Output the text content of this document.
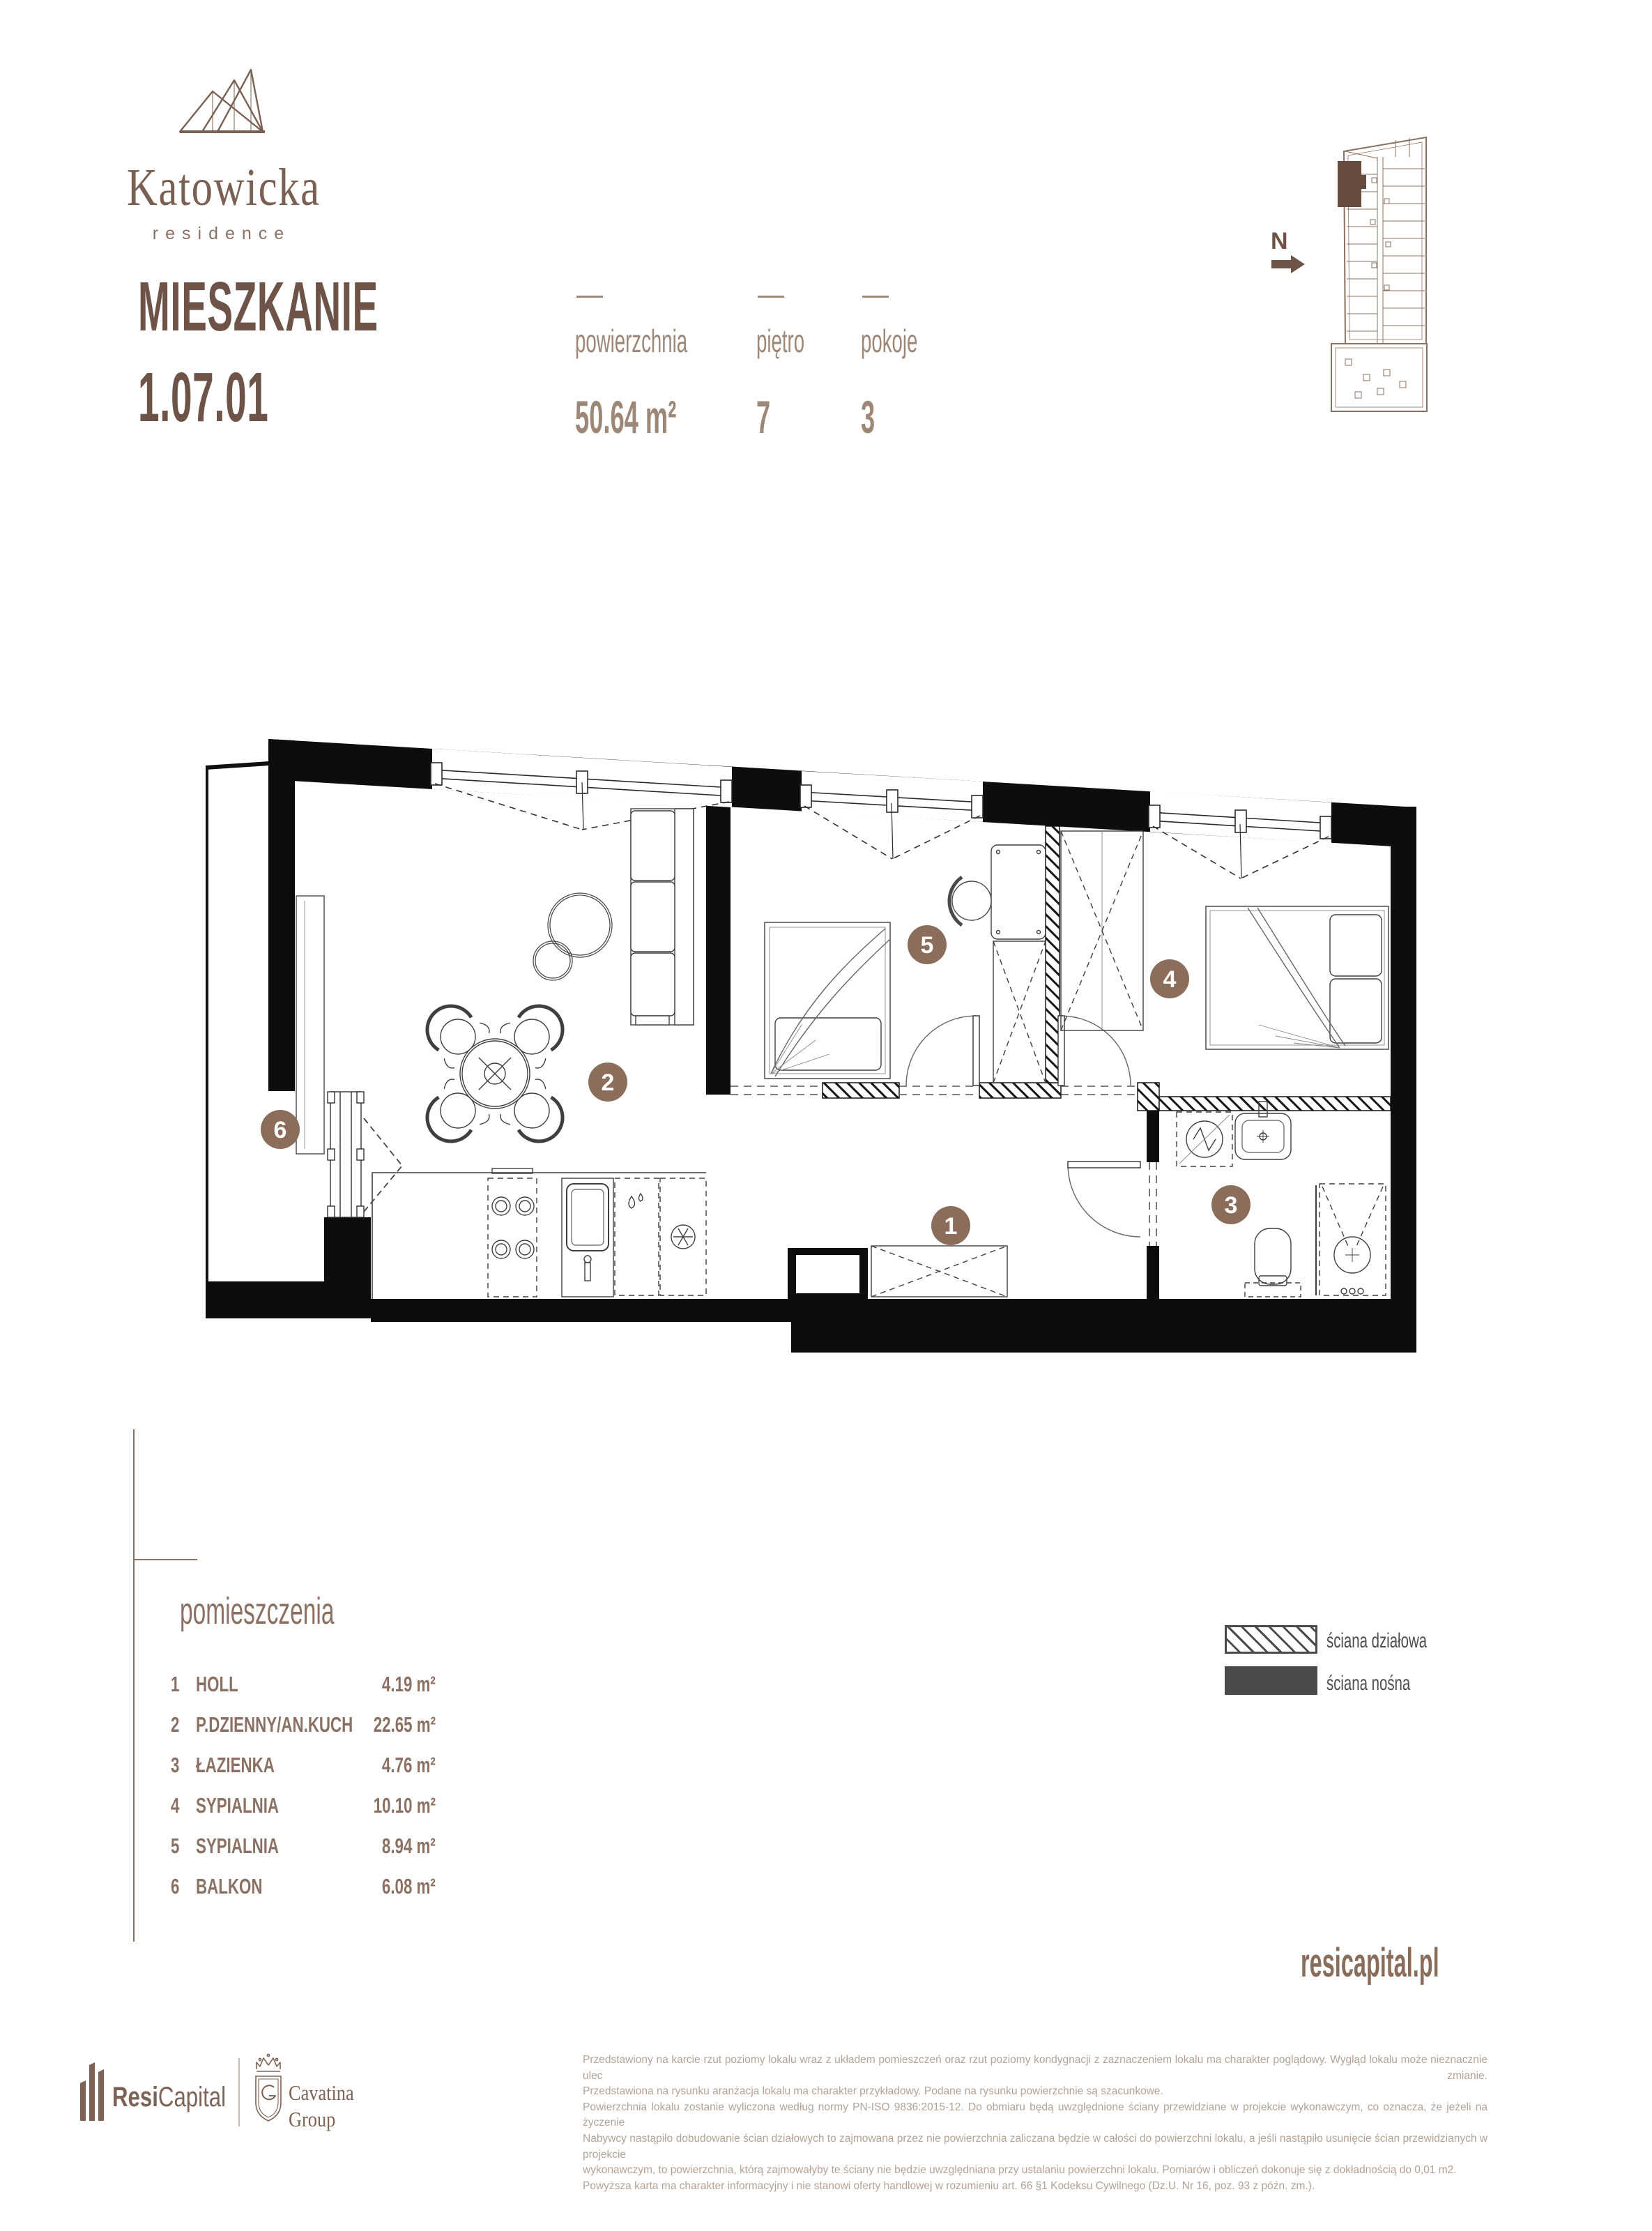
Katowicka
residence
MIESZKANIE
1.07.01
powierzchnia	piętro	pokoje
50.64 m²	7 3
N
1
2
3
4
5
6
pomieszczenia
1 HOLL	4.19 m²
2 P.DZIENNY/AN.KUCH 22.65 m²
3 ŁAZIENKA	4.76 m²
4 SYPIALNIA	10.10 m²
5 SYPIALNIA	8.94 m²
6 BALKON	6.08 m²
ściana działowa
ściana nośna
resicapital.pl
ResiCapital	Cavatina
Group
Przedstawiony na karcie rzut poziomy lokalu wraz z układem pomieszczeń oraz rzut poziomy kondygnacji z zaznaczeniem lokalu ma charakter poglądowy. Wygląd lokalu może nieznacznie ulec zmianie.
Przedstawiona na rysunku aranżacja lokalu ma charakter przykładowy. Podane na rysunku powierzchnie są szacunkowe.
Powierzchnia lokalu zostanie wyliczona według normy PN-ISO 9836:2015-12. Do obmiaru będą uwzględnione ściany przewidziane w projekcie wykonawczym, co oznacza, że jeżeli na życzenie
Nabywcy nastąpiło dobudowanie ścian działowych to zajmowana przez nie powierzchnia zaliczana będzie w całości do powierzchni lokalu, a jeśli nastąpiło usunięcie ścian przewidzianych w projekcie
wykonawczym, to powierzchnia, którą zajmowałyby te ściany nie będzie uwzględniana przy ustalaniu powierzchni lokalu. Pomiarów i obliczeń dokonuje się z dokładnością do 0,01 m2.
Powyższa karta ma charakter informacyjny i nie stanowi oferty handlowej w rozumieniu art. 66 §1 Kodeksu Cywilnego (Dz.U. Nr 16, poz. 93 z późn. zm.).
